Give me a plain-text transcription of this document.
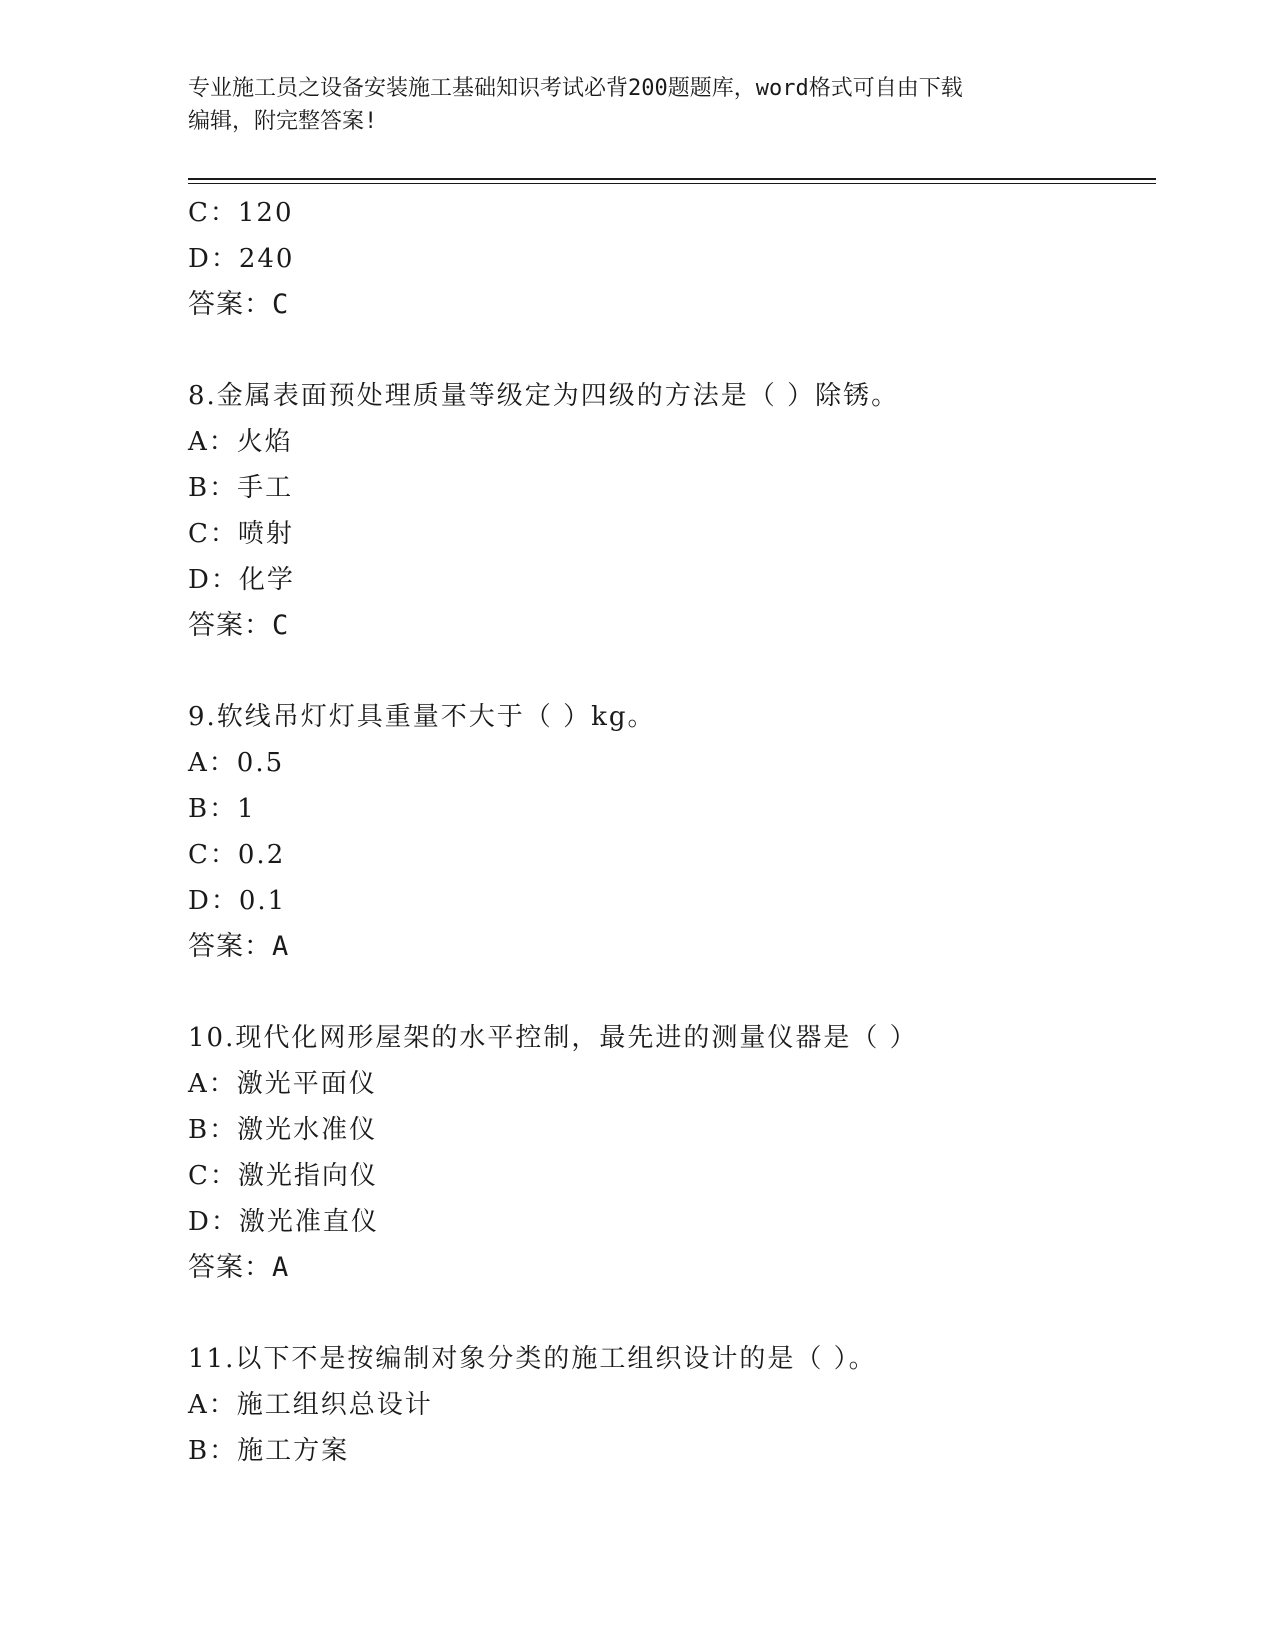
专业施工员之设备安装施工基础知识考试必背200题题库，word格式可自由下载
编辑，附完整答案!
C：120
D：240
答案：C
8.金属表面预处理质量等级定为四级的方法是（ ）除锈。
A：火焰
B：手工
C：喷射
D：化学
答案：C
9.软线吊灯灯具重量不大于（ ）kg。
A：0.5
B：1
C：0.2
D：0.1
答案：A
10.现代化网形屋架的水平控制，最先进的测量仪器是（ ）
A：激光平面仪
B：激光水准仪
C：激光指向仪
D：激光准直仪
答案：A
11.以下不是按编制对象分类的施工组织设计的是（ ）。
A：施工组织总设计
B：施工方案
